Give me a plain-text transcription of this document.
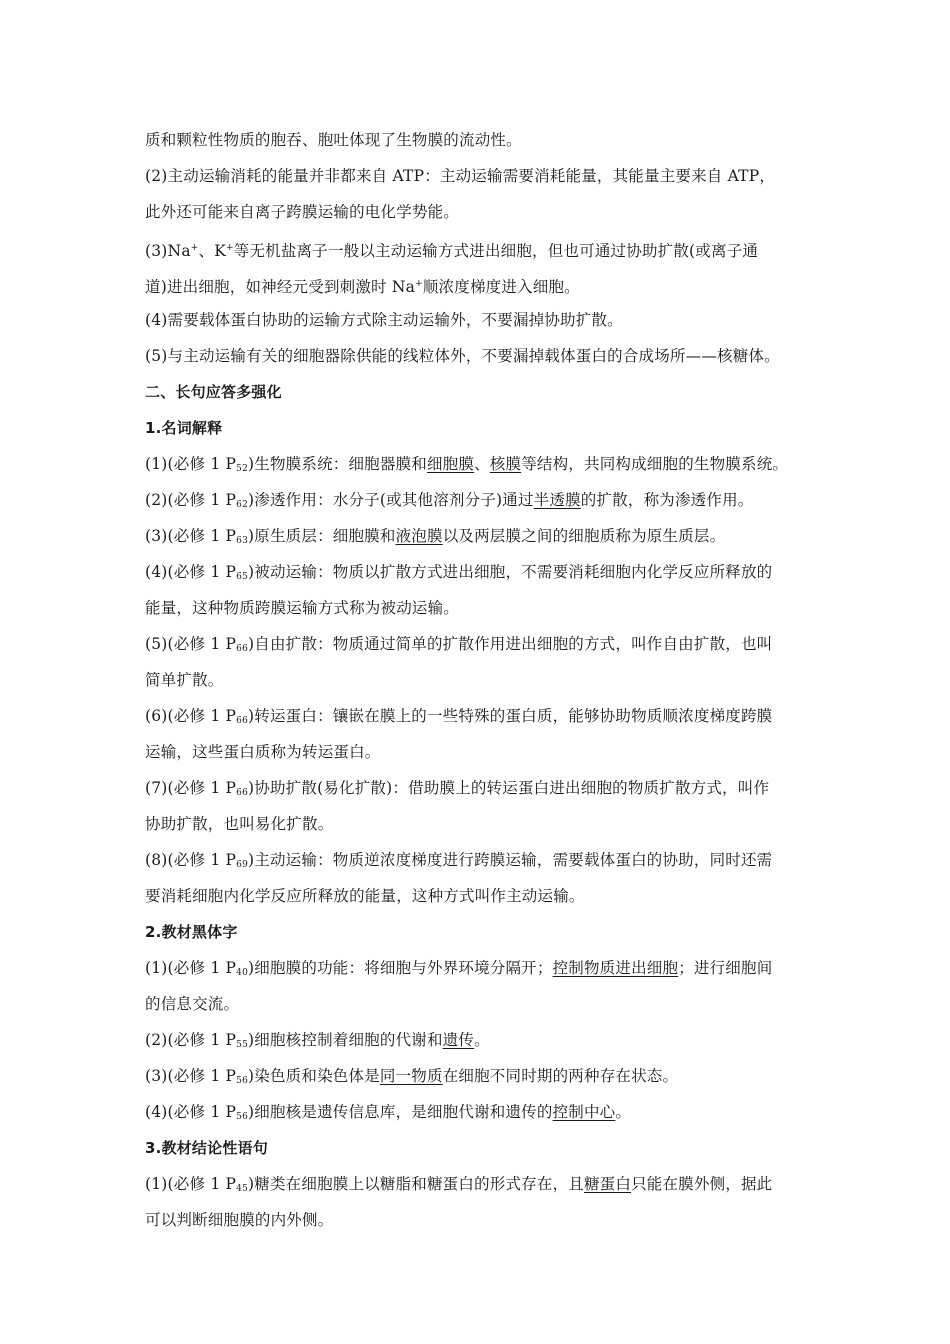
质和颗粒性物质的胞吞、胞吐体现了生物膜的流动性。

(2)主动运输消耗的能量并非都来自 ATP：主动运输需要消耗能量，其能量主要来自 ATP，

此外还可能来自离子跨膜运输的电化学势能。

(3)Na+、K+等无机盐离子一般以主动运输方式进出细胞，但也可通过协助扩散(或离子通

道)进出细胞，如神经元受到刺激时 Na+顺浓度梯度进入细胞。

(4)需要载体蛋白协助的运输方式除主动运输外，不要漏掉协助扩散。

(5)与主动运输有关的细胞器除供能的线粒体外，不要漏掉载体蛋白的合成场所——核糖体。

二、长句应答多强化

1.名词解释

(1)(必修 1 $P_{52}$)生物膜系统：细胞器膜和细胞膜、核膜等结构，共同构成细胞的生物膜系统。

(2)(必修 1 $P_{62}$)渗透作用：水分子(或其他溶剂分子)通过半透膜的扩散，称为渗透作用。

(3)(必修 1 $P_{63}$)原生质层：细胞膜和液泡膜以及两层膜之间的细胞质称为原生质层。

(4)(必修 1 $P_{65}$)被动运输：物质以扩散方式进出细胞，不需要消耗细胞内化学反应所释放的

能量，这种物质跨膜运输方式称为被动运输。

(5)(必修 1 $P_{66}$)自由扩散：物质通过简单的扩散作用进出细胞的方式，叫作自由扩散，也叫

简单扩散。

(6)(必修 1 $P_{66}$)转运蛋白：镶嵌在膜上的一些特殊的蛋白质，能够协助物质顺浓度梯度跨膜

运输，这些蛋白质称为转运蛋白。

(7)(必修 1 $P_{66}$)协助扩散(易化扩散)：借助膜上的转运蛋白进出细胞的物质扩散方式，叫作

协助扩散，也叫易化扩散。

(8)(必修 1 $P_{69}$)主动运输：物质逆浓度梯度进行跨膜运输，需要载体蛋白的协助，同时还需

要消耗细胞内化学反应所释放的能量，这种方式叫作主动运输。

2.教材黑体字

(1)(必修 1 $P_{40}$)细胞膜的功能：将细胞与外界环境分隔开；控制物质进出细胞；进行细胞间

的信息交流。

(2)(必修 1 $P_{55}$)细胞核控制着细胞的代谢和遗传。

(3)(必修 1 $P_{56}$)染色质和染色体是同一物质在细胞不同时期的两种存在状态。

(4)(必修 1 $P_{56}$)细胞核是遗传信息库，是细胞代谢和遗传的控制中心。

3.教材结论性语句

(1)(必修 1 $P_{45}$)糖类在细胞膜上以糖脂和糖蛋白的形式存在，且糖蛋白只能在膜外侧，据此

可以判断细胞膜的内外侧。
